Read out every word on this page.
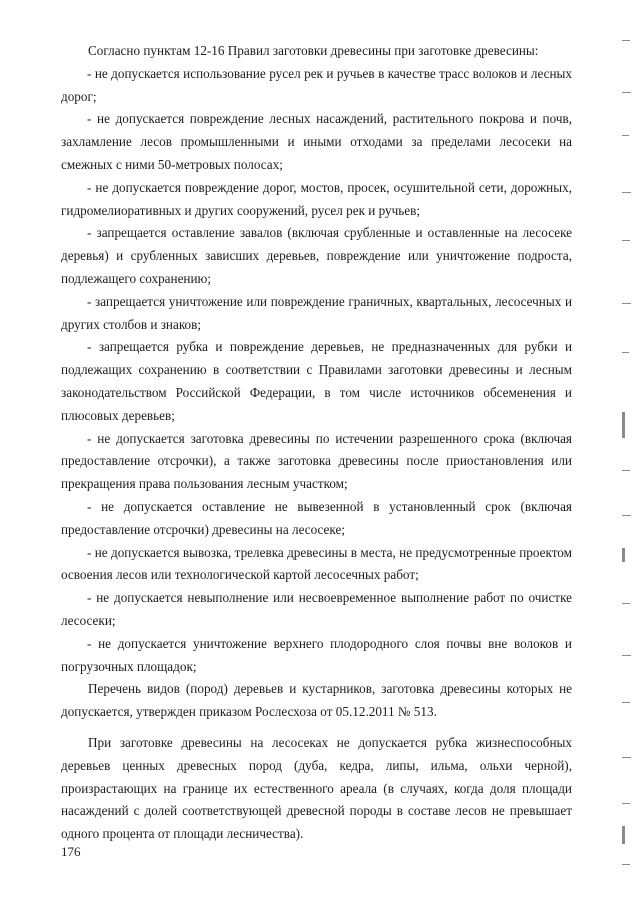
Согласно пунктам 12-16 Правил заготовки древесины при заготовке древесины:

- не допускается использование русел рек и ручьев в качестве трасс волоков и лесных дорог;

- не допускается повреждение лесных насаждений, растительного покрова и почв, захламление лесов промышленными и иными отходами за пределами лесосеки на смежных с ними 50-метровых полосах;

- не допускается повреждение дорог, мостов, просек, осушительной сети, дорожных, гидромелиоративных и других сооружений, русел рек и ручьев;

- запрещается оставление завалов (включая срубленные и оставленные на лесосеке деревья) и срубленных зависших деревьев, повреждение или уничтожение подроста, подлежащего сохранению;

- запрещается уничтожение или повреждение граничных, квартальных, лесосечных и других столбов и знаков;

- запрещается рубка и повреждение деревьев, не предназначенных для рубки и подлежащих сохранению в соответствии с Правилами заготовки древесины и лесным законодательством Российской Федерации, в том числе источников обсеменения и плюсовых деревьев;

- не допускается заготовка древесины по истечении разрешенного срока (включая предоставление отсрочки), а также заготовка древесины после приостановления или прекращения права пользования лесным участком;

- не допускается оставление не вывезенной в установленный срок (включая предоставление отсрочки) древесины на лесосеке;

- не допускается вывозка, трелевка древесины в места, не предусмотренные проектом освоения лесов или технологической картой лесосечных работ;

- не допускается невыполнение или несвоевременное выполнение работ по очистке лесосеки;

- не допускается уничтожение верхнего плодородного слоя почвы вне волоков и погрузочных площадок;

Перечень видов (пород) деревьев и кустарников, заготовка древесины которых не допускается, утвержден приказом Рослесхоза от 05.12.2011 № 513.

При заготовке древесины на лесосеках не допускается рубка жизнеспособных деревьев ценных древесных пород (дуба, кедра, липы, ильма, ольхи черной), произрастающих на границе их естественного ареала (в случаях, когда доля площади насаждений с долей соответствующей древесной породы в составе лесов не превышает одного процента от площади лесничества).

176
